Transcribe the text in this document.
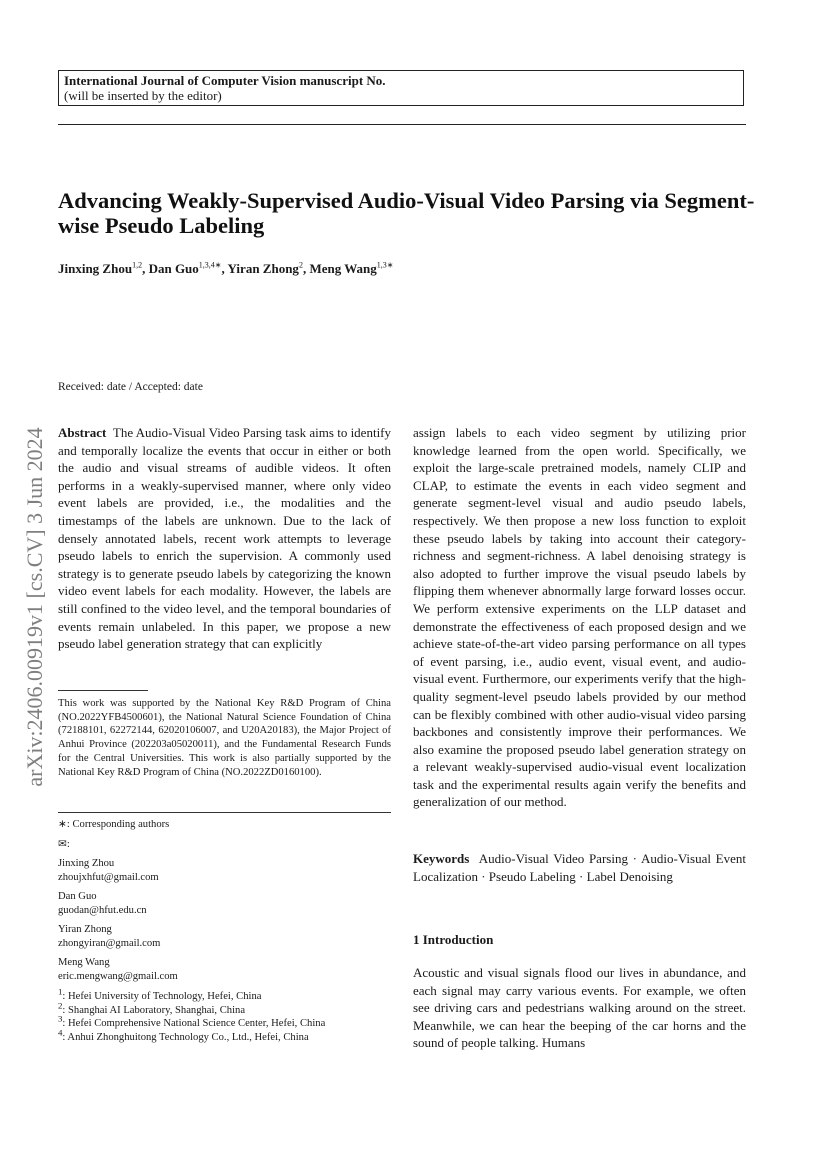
International Journal of Computer Vision manuscript No.
(will be inserted by the editor)
Advancing Weakly-Supervised Audio-Visual Video Parsing via Segment-wise Pseudo Labeling
Jinxing Zhou$^{1,2}$, Dan Guo$^{1,3,4∗}$, Yiran Zhong$^2$, Meng Wang$^{1,3∗}$
arXiv:2406.00919v1 [cs.CV] 3 Jun 2024
Received: date / Accepted: date

Abstract The Audio-Visual Video Parsing task aims to identify and temporally localize the events that occur in either or both the audio and visual streams of audible videos. It often performs in a weakly-supervised manner, where only video event labels are provided, i.e., the modalities and the timestamps of the labels are unknown. Due to the lack of densely annotated labels, recent work attempts to leverage pseudo labels to enrich the supervision. A commonly used strategy is to generate pseudo labels by categorizing the known video event labels for each modality. However, the labels are still confined to the video level, and the temporal boundaries of events remain unlabeled. In this paper, we propose a new pseudo label generation strategy that can explicitly

assign labels to each video segment by utilizing prior knowledge learned from the open world. Specifically, we exploit the large-scale pretrained models, namely CLIP and CLAP, to estimate the events in each video segment and generate segment-level visual and audio pseudo labels, respectively. We then propose a new loss function to exploit these pseudo labels by taking into account their category-richness and segment-richness. A label denoising strategy is also adopted to further improve the visual pseudo labels by flipping them whenever abnormally large forward losses occur. We perform extensive experiments on the LLP dataset and demonstrate the effectiveness of each proposed design and we achieve state-of-the-art video parsing performance on all types of event parsing, i.e., audio event, visual event, and audio-visual event. Furthermore, our experiments verify that the high-quality segment-level pseudo labels provided by our method can be flexibly combined with other audio-visual video parsing backbones and consistently improve their performances. We also examine the proposed pseudo label generation strategy on a relevant weakly-supervised audio-visual event localization task and the experimental results again verify the benefits and generalization of our method.

This work was supported by the National Key R&D Program of China (NO.2022YFB4500601), the National Natural Science Foundation of China (72188101, 62272144, 62020106007, and U20A20183), the Major Project of Anhui Province (202203a05020011), and the Fundamental Research Funds for the Central Universities. This work is also partially supported by the National Key R&D Program of China (NO.2022ZD0160100).
∗: Corresponding authors
✉:
Jinxing Zhou
zhoujxhfut@gmail.com
Dan Guo
guodan@hfut.edu.cn
Yiran Zhong
zhongyiran@gmail.com
Meng Wang
eric.mengwang@gmail.com
$^1$: Hefei University of Technology, Hefei, China
$^2$: Shanghai AI Laboratory, Shanghai, China
$^3$: Hefei Comprehensive National Science Center, Hefei, China
$^4$: Anhui Zhonghuitong Technology Co., Ltd., Hefei, China
Keywords Audio-Visual Video Parsing · Audio-Visual Event Localization · Pseudo Labeling · Label Denoising
1 Introduction
Acoustic and visual signals flood our lives in abundance, and each signal may carry various events. For example, we often see driving cars and pedestrians walking around on the street. Meanwhile, we can hear the beeping of the car horns and the sound of people talking. Humans
